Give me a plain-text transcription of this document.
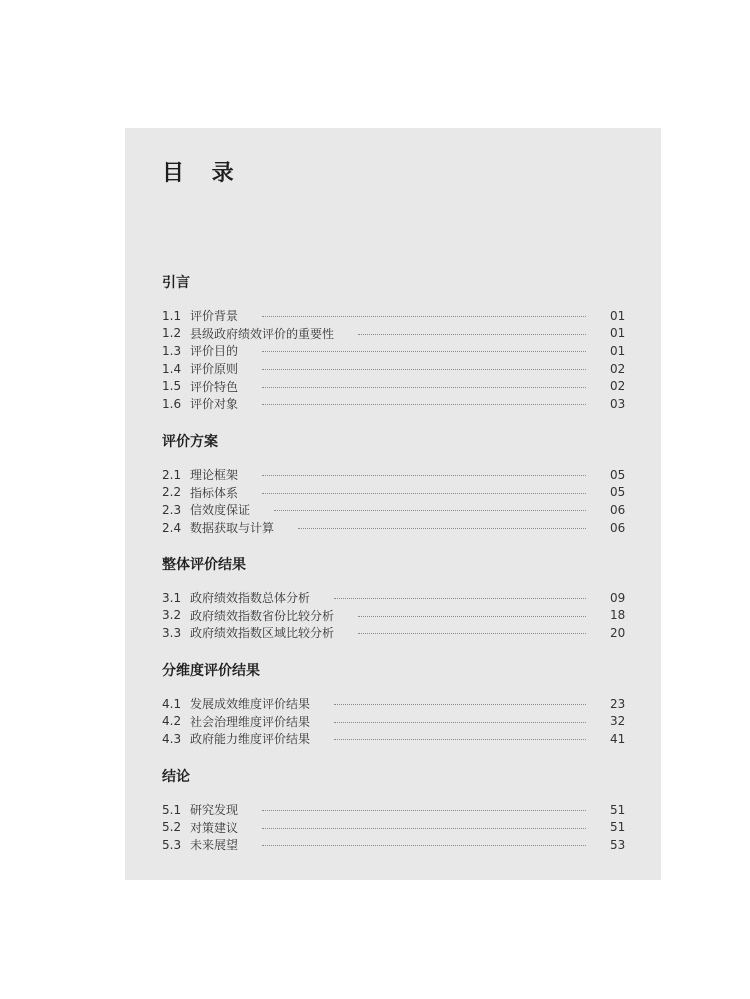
目 录
引言
1.1 评价背景	01
1.2 县级政府绩效评价的重要性	01
1.3 评价目的	01
1.4 评价原则	02
1.5 评价特色	02
1.6 评价对象	03
评价方案
2.1 理论框架	05
2.2 指标体系	05
2.3 信效度保证	06
2.4 数据获取与计算	06
整体评价结果
3.1 政府绩效指数总体分析	09
3.2 政府绩效指数省份比较分析	18
3.3 政府绩效指数区域比较分析	20
分维度评价结果
4.1 发展成效维度评价结果	23
4.2 社会治理维度评价结果	32
4.3 政府能力维度评价结果	41
结论
5.1 研究发现	51
5.2 对策建议	51
5.3 未来展望	53
